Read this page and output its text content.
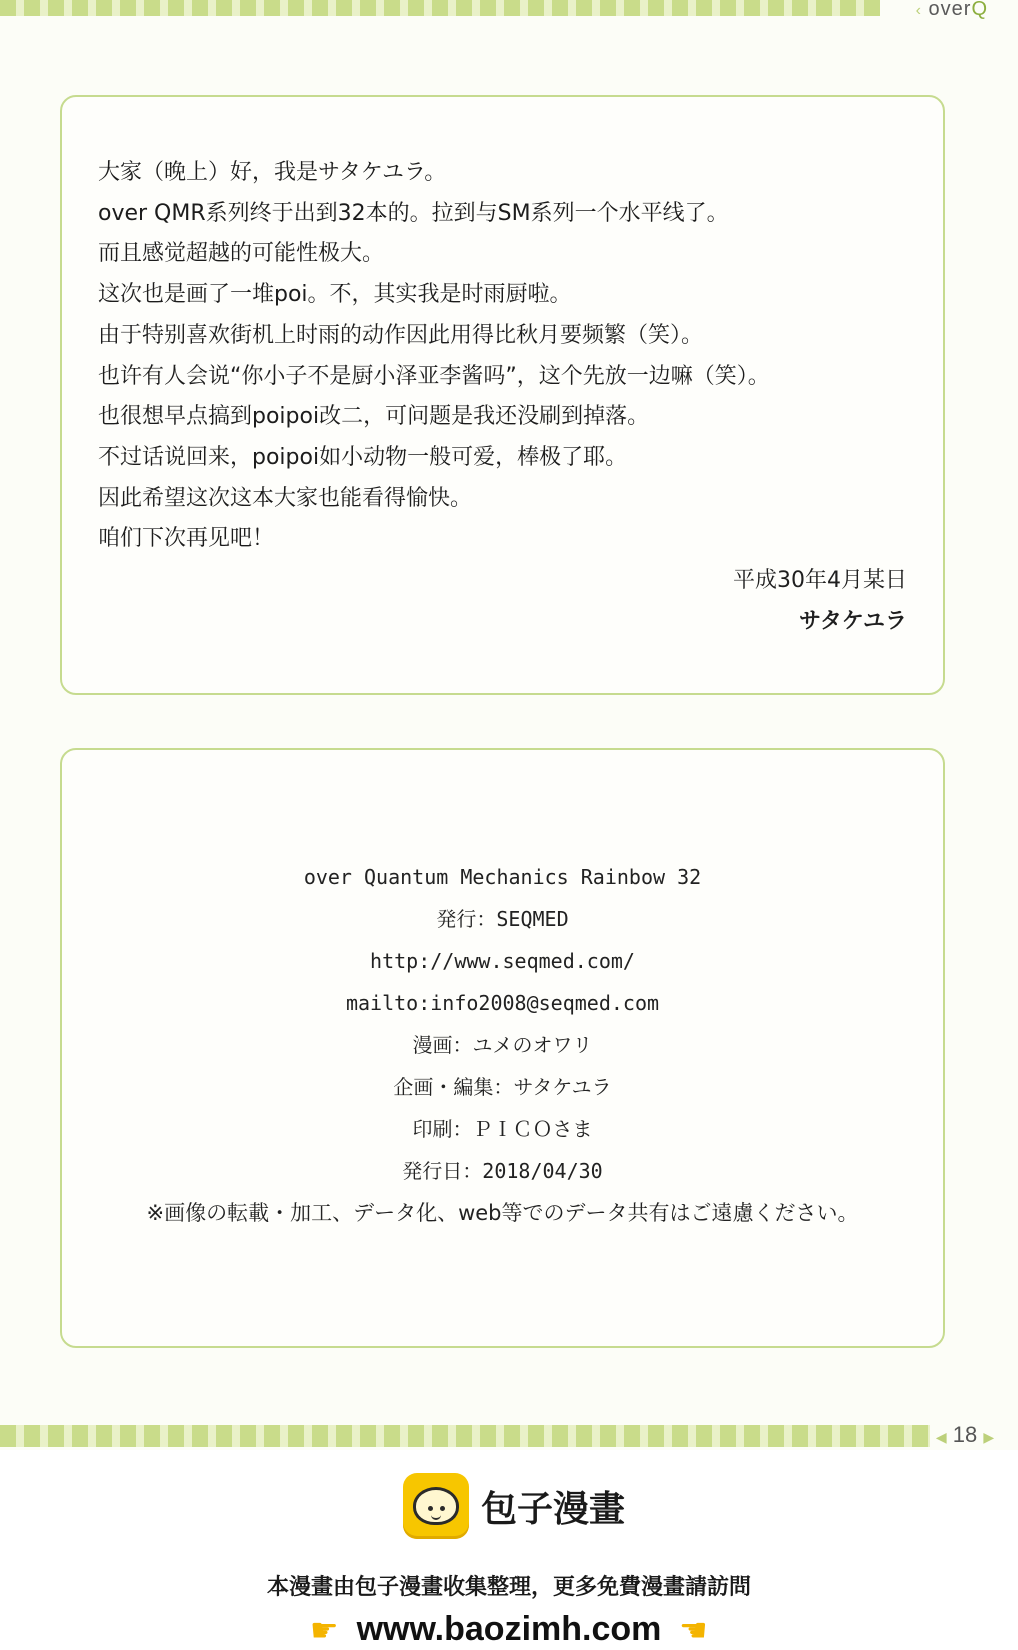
‹ overQ
大家（晚上）好，我是サタケユラ。
over QMR系列终于出到32本的。拉到与SM系列一个水平线了。
而且感觉超越的可能性极大。
这次也是画了一堆poi。不，其实我是时雨厨啦。
由于特别喜欢街机上时雨的动作因此用得比秋月要频繁（笑）。
也许有人会说“你小子不是厨小泽亚李酱吗”，这个先放一边嘛（笑）。
也很想早点搞到poipoi改二，可问题是我还没刷到掉落。
不过话说回来，poipoi如小动物一般可爱，棒极了耶。
因此希望这次这本大家也能看得愉快。
咱们下次再见吧！
平成30年4月某日
サタケユラ
over Quantum Mechanics Rainbow 32
発行：SEQMED
http://www.seqmed.com/
mailto:info2008@seqmed.com
漫画：ユメのオワリ
企画・編集：サタケユラ
印刷：ＰＩＣＯさま
発行日：2018/04/30
※画像の転載・加工、データ化、web等でのデータ共有はご遠慮ください。
◀ 18 ▶
包子漫畫
本漫畫由包子漫畫收集整理，更多免費漫畫請訪問
☛ www.baozimh.com ☛
